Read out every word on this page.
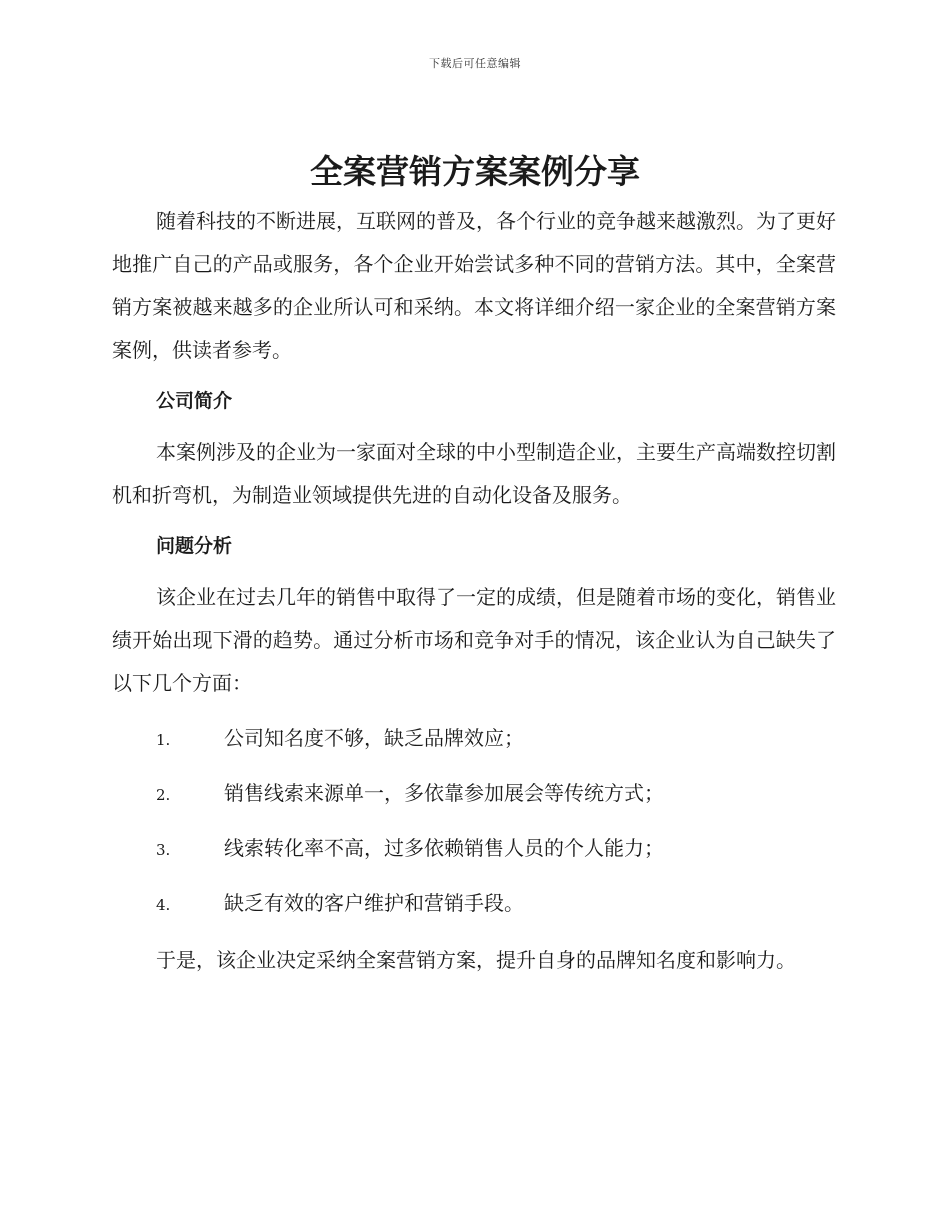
下载后可任意编辑
全案营销方案案例分享

随着科技的不断进展，互联网的普及，各个行业的竞争越来越激烈。为了更好地推广自己的产品或服务，各个企业开始尝试多种不同的营销方法。其中，全案营销方案被越来越多的企业所认可和采纳。本文将详细介绍一家企业的全案营销方案案例，供读者参考。

公司简介

本案例涉及的企业为一家面对全球的中小型制造企业，主要生产高端数控切割机和折弯机，为制造业领域提供先进的自动化设备及服务。

问题分析

该企业在过去几年的销售中取得了一定的成绩，但是随着市场的变化，销售业绩开始出现下滑的趋势。通过分析市场和竞争对手的情况，该企业认为自己缺失了以下几个方面：

1.	公司知名度不够，缺乏品牌效应；
2.	销售线索来源单一，多依靠参加展会等传统方式；
3.	线索转化率不高，过多依赖销售人员的个人能力；
4.	缺乏有效的客户维护和营销手段。

于是，该企业决定采纳全案营销方案，提升自身的品牌知名度和影响力。
